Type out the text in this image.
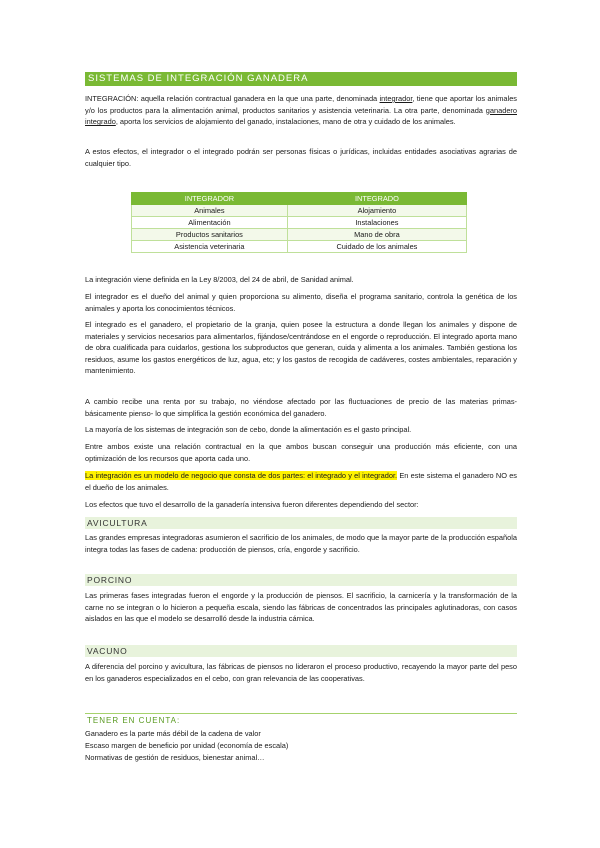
SISTEMAS DE INTEGRACIÓN GANADERA

INTEGRACIÓN: aquella relación contractual ganadera en la que una parte, denominada integrador, tiene que aportar los animales y/o los productos para la alimentación animal, productos sanitarios y asistencia veterinaria. La otra parte, denominada ganadero integrado, aporta los servicios de alojamiento del ganado, instalaciones, mano de otra y cuidado de los animales.

A estos efectos, el integrador o el integrado podrán ser personas físicas o jurídicas, incluidas entidades asociativas agrarias de cualquier tipo.

INTEGRADOR	INTEGRADO
Animales	Alojamiento
Alimentación	Instalaciones
Productos sanitarios	Mano de obra
Asistencia veterinaria	Cuidado de los animales

La integración viene definida en la Ley 8/2003, del 24 de abril, de Sanidad animal.

El integrador es el dueño del animal y quien proporciona su alimento, diseña el programa sanitario, controla la genética de los animales y aporta los conocimientos técnicos.

El integrado es el ganadero, el propietario de la granja, quien posee la estructura a donde llegan los animales y dispone de materiales y servicios necesarios para alimentarlos, fijándose/centrándose en el engorde o reproducción. El integrado aporta mano de obra cualificada para cuidarlos, gestiona los subproductos que generan, cuida y alimenta a los animales. También gestiona los residuos, asume los gastos energéticos de luz, agua, etc; y los gastos de recogida de cadáveres, costes ambientales, reparación y mantenimiento.

A cambio recibe una renta por su trabajo, no viéndose afectado por las fluctuaciones de precio de las materias primas- básicamente pienso- lo que simplifica la gestión económica del ganadero.

La mayoría de los sistemas de integración son de cebo, donde la alimentación es el gasto principal.

Entre ambos existe una relación contractual en la que ambos buscan conseguir una producción más eficiente, con una optimización de los recursos que aporta cada uno.

La integración es un modelo de negocio que consta de dos partes: el integrado y el integrador. En este sistema el ganadero NO es el dueño de los animales.

Los efectos que tuvo el desarrollo de la ganadería intensiva fueron diferentes dependiendo del sector:

AVICULTURA

Las grandes empresas integradoras asumieron el sacrificio de los animales, de modo que la mayor parte de la producción española integra todas las fases de cadena: producción de piensos, cría, engorde y sacrificio.

PORCINO

Las primeras fases integradas fueron el engorde y la producción de piensos. El sacrificio, la carnicería y la transformación de la carne no se integran o lo hicieron a pequeña escala, siendo las fábricas de concentrados las principales aglutinadoras, con casos aislados en las que el modelo se desarrolló desde la industria cárnica.

VACUNO

A diferencia del porcino y avicultura, las fábricas de piensos no lideraron el proceso productivo, recayendo la mayor parte del peso en los ganaderos especializados en el cebo, con gran relevancia de las cooperativas.

TENER EN CUENTA:
Ganadero es la parte más débil de la cadena de valor
Escaso margen de beneficio por unidad (economía de escala)
Normativas de gestión de residuos, bienestar animal…
